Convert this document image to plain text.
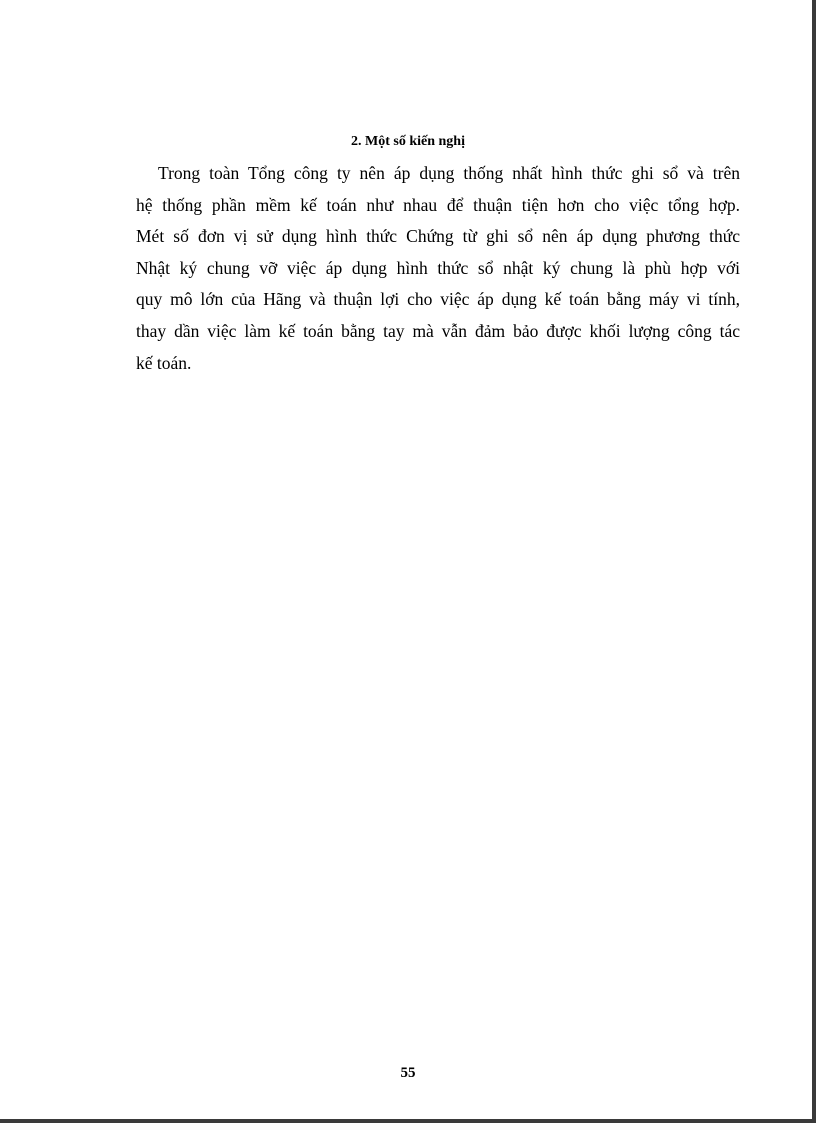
2. Một số kiến nghị
Trong toàn Tổng công ty nên áp dụng thống nhất hình thức ghi sổ và trên
hệ thống phần mềm kế toán như nhau để thuận tiện hơn cho việc tổng hợp.
Mét số đơn vị sử dụng hình thức Chứng từ ghi sổ nên áp dụng phương thức
Nhật ký chung vỡ việc áp dụng hình thức sổ nhật ký chung là phù hợp với
quy mô lớn của Hãng và thuận lợi cho việc áp dụng kế toán bằng máy vi tính,
thay dần việc làm kế toán bằng tay mà vẫn đảm bảo được khối lượng công tác
kế toán.
55
